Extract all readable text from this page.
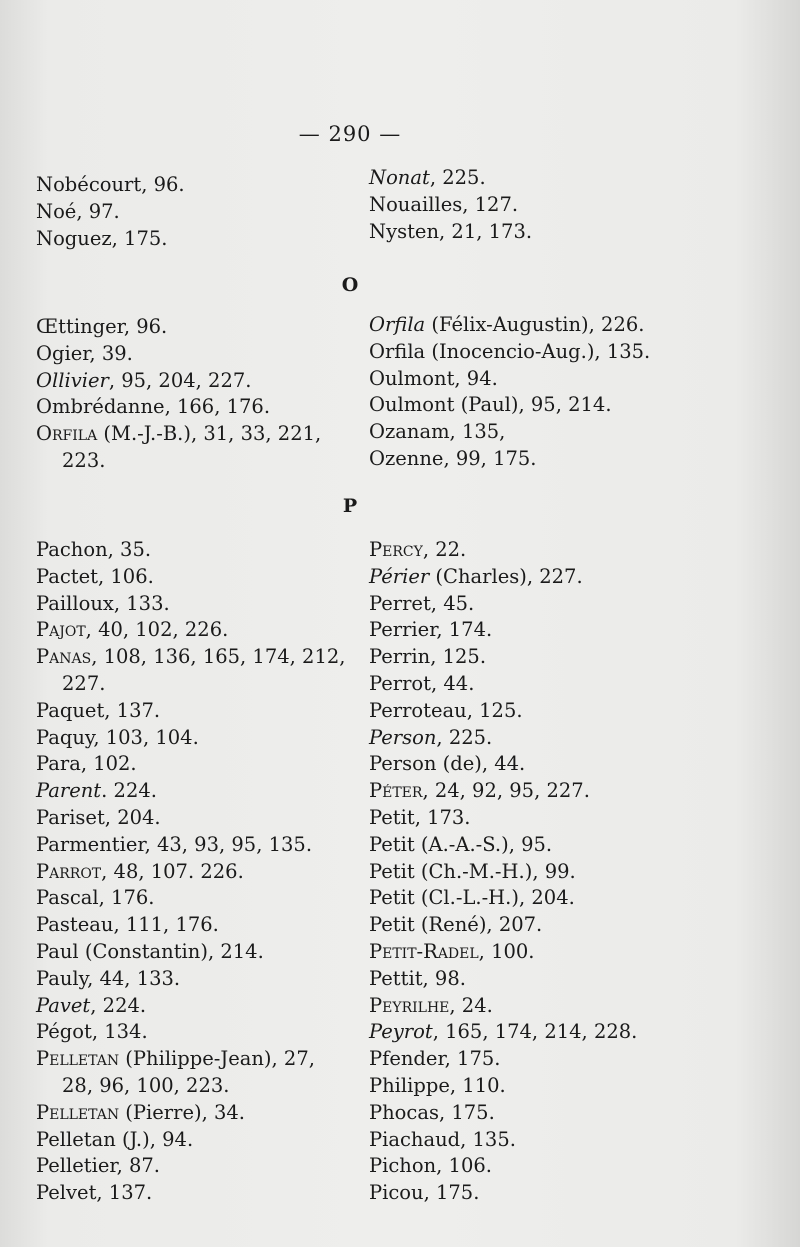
— 290 —
Nobécourt, 96.
Noé, 97.
Noguez, 175.
Nonat, 225.
Nouailles, 127.
Nysten, 21, 173.
O
Œttinger, 96.
Ogier, 39.
Ollivier, 95, 204, 227.
Ombrédanne, 166, 176.
Orfila (M.-J.-B.), 31, 33, 221,
223.
Orfila (Félix-Augustin), 226.
Orfila (Inocencio-Aug.), 135.
Oulmont, 94.
Oulmont (Paul), 95, 214.
Ozanam, 135,
Ozenne, 99, 175.
P
Pachon, 35.
Pactet, 106.
Pailloux, 133.
Pajot, 40, 102, 226.
Panas, 108, 136, 165, 174, 212,
227.
Paquet, 137.
Paquy, 103, 104.
Para, 102.
Parent. 224.
Pariset, 204.
Parmentier, 43, 93, 95, 135.
Parrot, 48, 107. 226.
Pascal, 176.
Pasteau, 111, 176.
Paul (Constantin), 214.
Pauly, 44, 133.
Pavet, 224.
Pégot, 134.
Pelletan (Philippe-Jean), 27,
28, 96, 100, 223.
Pelletan (Pierre), 34.
Pelletan (J.), 94.
Pelletier, 87.
Pelvet, 137.
Percy, 22.
Périer (Charles), 227.
Perret, 45.
Perrier, 174.
Perrin, 125.
Perrot, 44.
Perroteau, 125.
Person, 225.
Person (de), 44.
Péter, 24, 92, 95, 227.
Petit, 173.
Petit (A.-A.-S.), 95.
Petit (Ch.-M.-H.), 99.
Petit (Cl.-L.-H.), 204.
Petit (René), 207.
Petit-Radel, 100.
Pettit, 98.
Peyrilhe, 24.
Peyrot, 165, 174, 214, 228.
Pfender, 175.
Philippe, 110.
Phocas, 175.
Piachaud, 135.
Pichon, 106.
Picou, 175.
